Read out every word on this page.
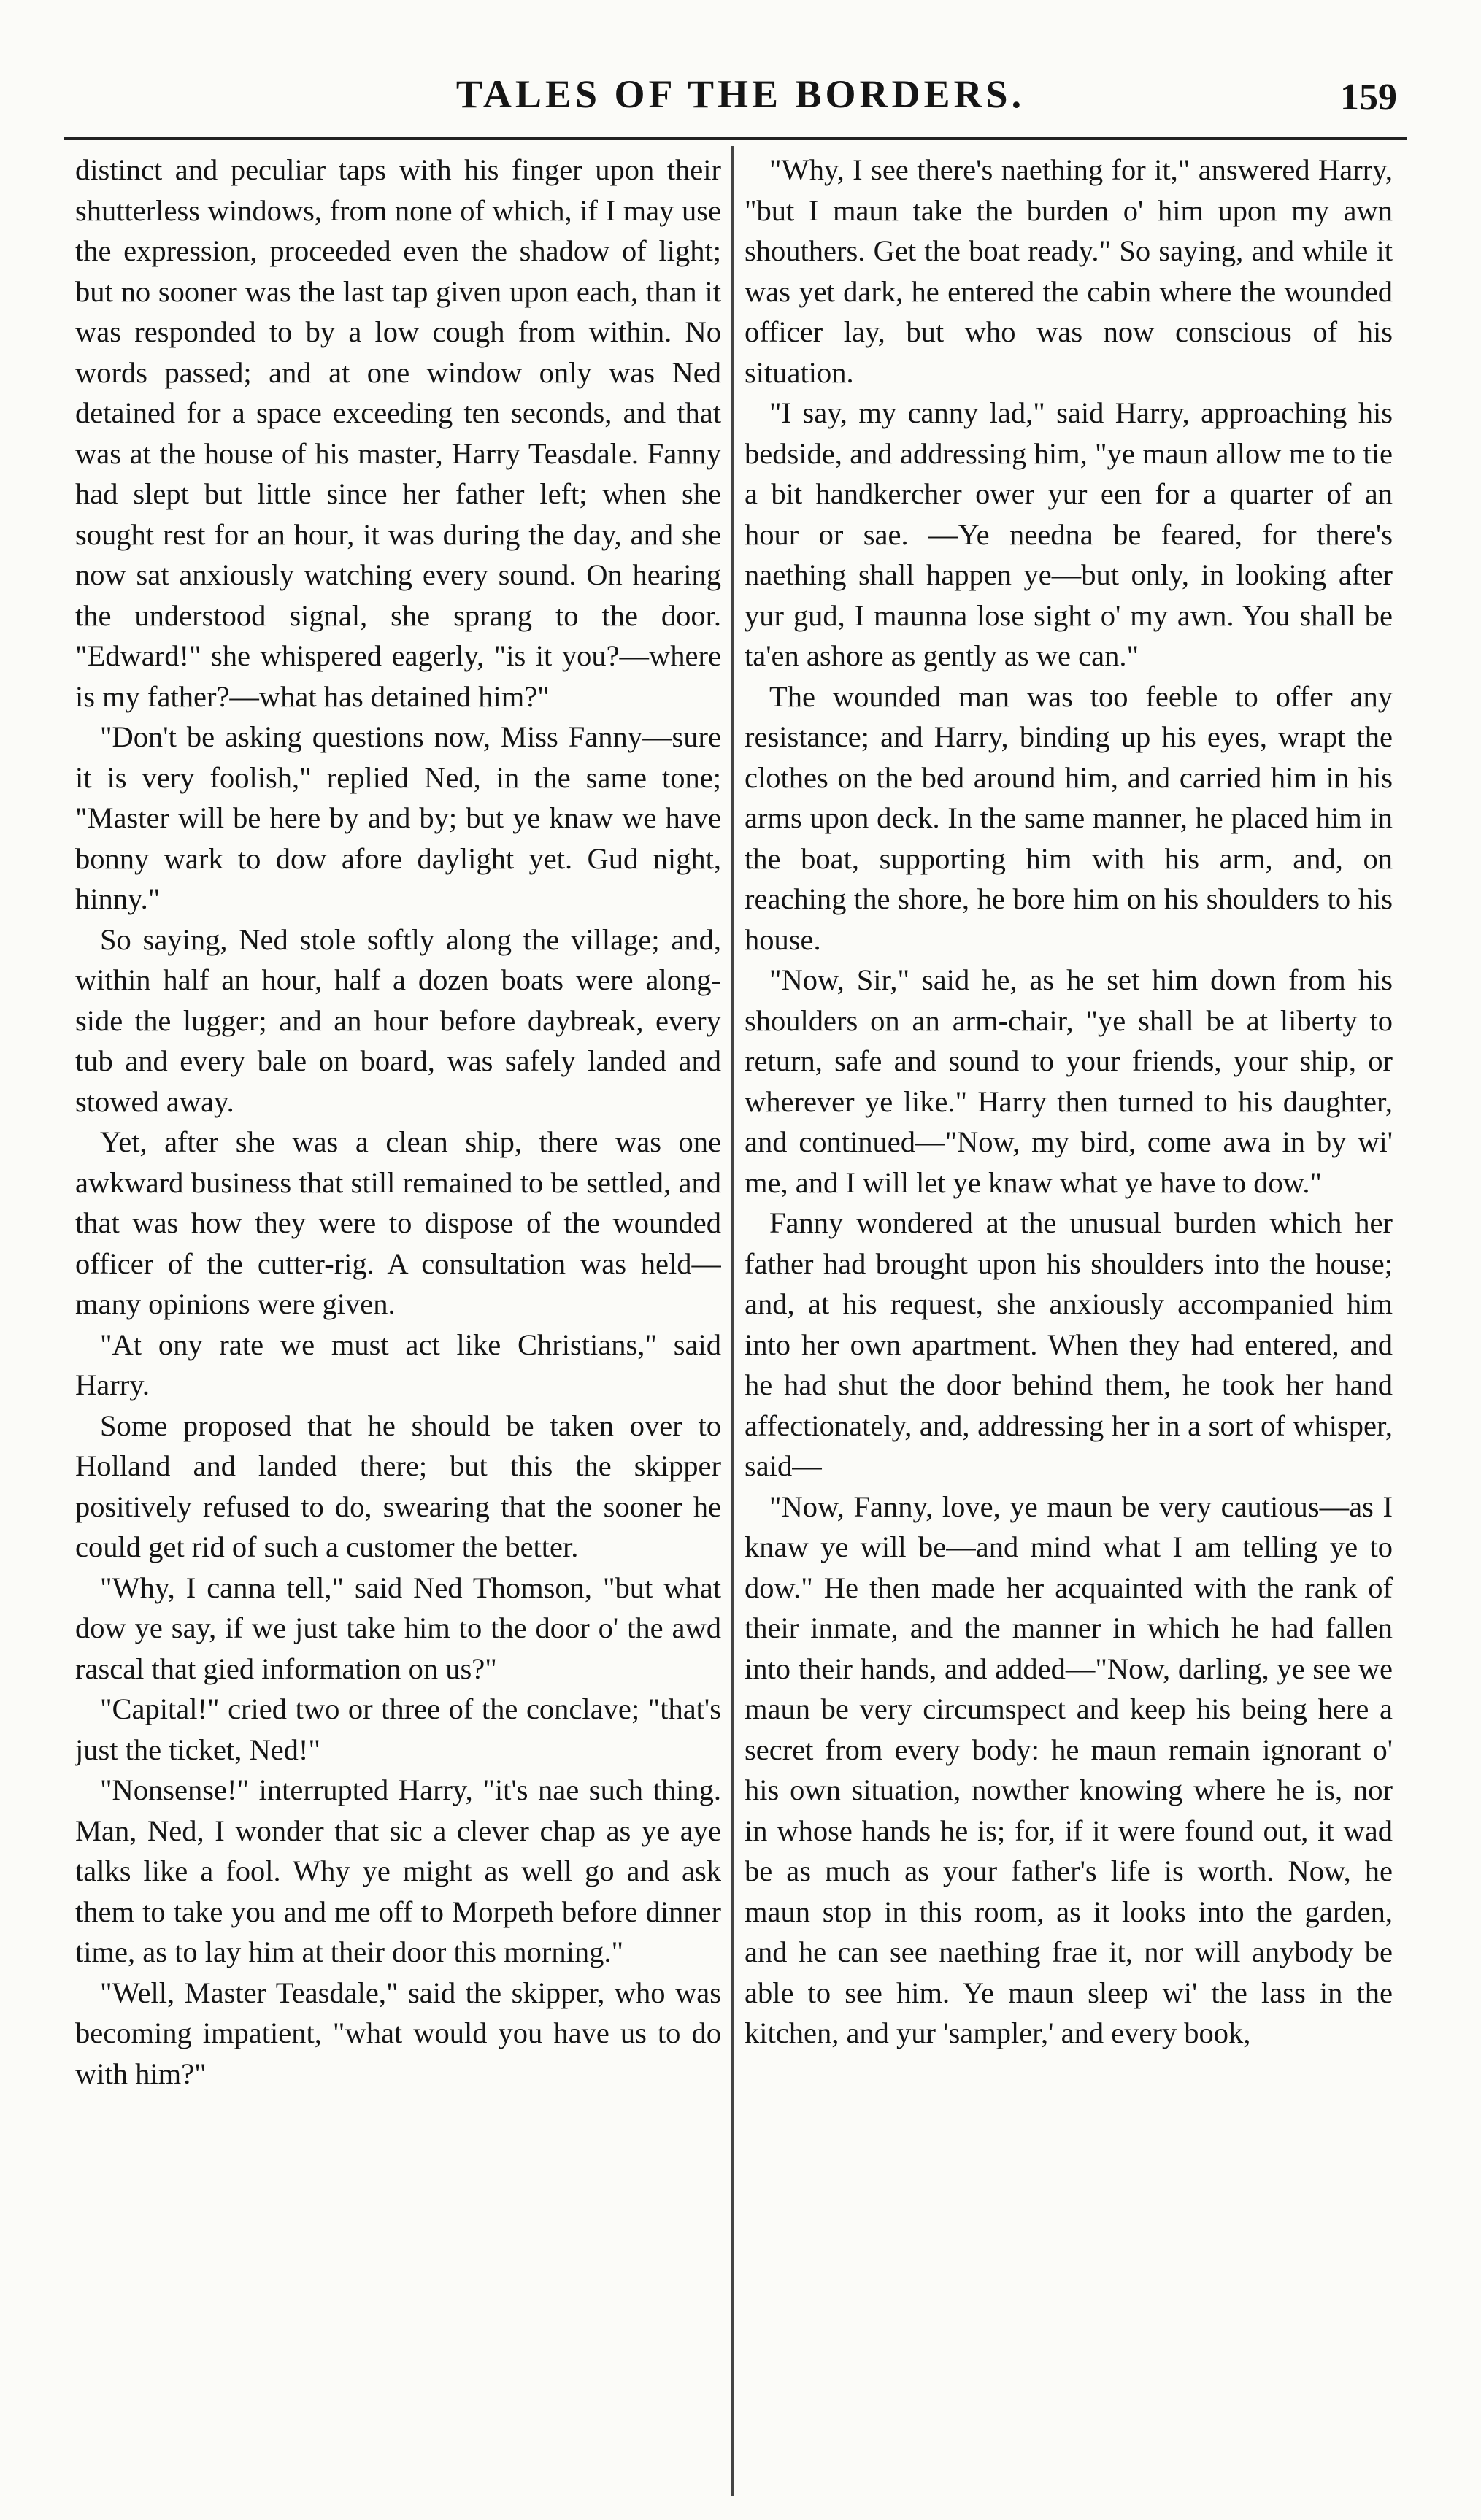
TALES OF THE BORDERS.	159

distinct and peculiar taps with his finger upon their shutterless windows, from none of which, if I may use the expression, proceeded even the shadow of light; but no sooner was the last tap given upon each, than it was responded to by a low cough from within. No words passed; and at one window only was Ned detained for a space exceeding ten seconds, and that was at the house of his master, Harry Teasdale. Fanny had slept but little since her father left; when she sought rest for an hour, it was during the day, and she now sat anxiously watching every sound. On hearing the understood signal, she sprang to the door. "Edward!" she whispered eagerly, "is it you?—where is my father?—what has detained him?"

"Don't be asking questions now, Miss Fanny—sure it is very foolish," replied Ned, in the same tone; "Master will be here by and by; but ye knaw we have bonny wark to dow afore daylight yet. Gud night, hinny."

So saying, Ned stole softly along the village; and, within half an hour, half a dozen boats were along-side the lugger; and an hour before daybreak, every tub and every bale on board, was safely landed and stowed away.

Yet, after she was a clean ship, there was one awkward business that still remained to be settled, and that was how they were to dispose of the wounded officer of the cutter-rig. A consultation was held—many opinions were given.

"At ony rate we must act like Christians," said Harry.

Some proposed that he should be taken over to Holland and landed there; but this the skipper positively refused to do, swearing that the sooner he could get rid of such a customer the better.

"Why, I canna tell," said Ned Thomson, "but what dow ye say, if we just take him to the door o' the awd rascal that gied information on us?"

"Capital!" cried two or three of the conclave; "that's just the ticket, Ned!"

"Nonsense!" interrupted Harry, "it's nae such thing. Man, Ned, I wonder that sic a clever chap as ye aye talks like a fool. Why ye might as well go and ask them to take you and me off to Morpeth before dinner time, as to lay him at their door this morning."

"Well, Master Teasdale," said the skipper, who was becoming impatient, "what would you have us to do with him?"

"Why, I see there's naething for it," answered Harry, "but I maun take the burden o' him upon my awn shouthers. Get the boat ready." So saying, and while it was yet dark, he entered the cabin where the wounded officer lay, but who was now conscious of his situation.

"I say, my canny lad," said Harry, approaching his bedside, and addressing him, "ye maun allow me to tie a bit handkercher ower yur een for a quarter of an hour or sae. —Ye needna be feared, for there's naething shall happen ye—but only, in looking after yur gud, I maunna lose sight o' my awn. You shall be ta'en ashore as gently as we can."

The wounded man was too feeble to offer any resistance; and Harry, binding up his eyes, wrapt the clothes on the bed around him, and carried him in his arms upon deck. In the same manner, he placed him in the boat, supporting him with his arm, and, on reaching the shore, he bore him on his shoulders to his house.

"Now, Sir," said he, as he set him down from his shoulders on an arm-chair, "ye shall be at liberty to return, safe and sound to your friends, your ship, or wherever ye like." Harry then turned to his daughter, and continued—"Now, my bird, come awa in by wi' me, and I will let ye knaw what ye have to dow."

Fanny wondered at the unusual burden which her father had brought upon his shoulders into the house; and, at his request, she anxiously accompanied him into her own apartment. When they had entered, and he had shut the door behind them, he took her hand affectionately, and, addressing her in a sort of whisper, said—

"Now, Fanny, love, ye maun be very cautious—as I knaw ye will be—and mind what I am telling ye to dow." He then made her acquainted with the rank of their inmate, and the manner in which he had fallen into their hands, and added—"Now, darling, ye see we maun be very circumspect and keep his being here a secret from every body: he maun remain ignorant o' his own situation, nowther knowing where he is, nor in whose hands he is; for, if it were found out, it wad be as much as your father's life is worth. Now, he maun stop in this room, as it looks into the garden, and he can see naething frae it, nor will anybody be able to see him. Ye maun sleep wi' the lass in the kitchen, and yur 'sampler,' and every book,
